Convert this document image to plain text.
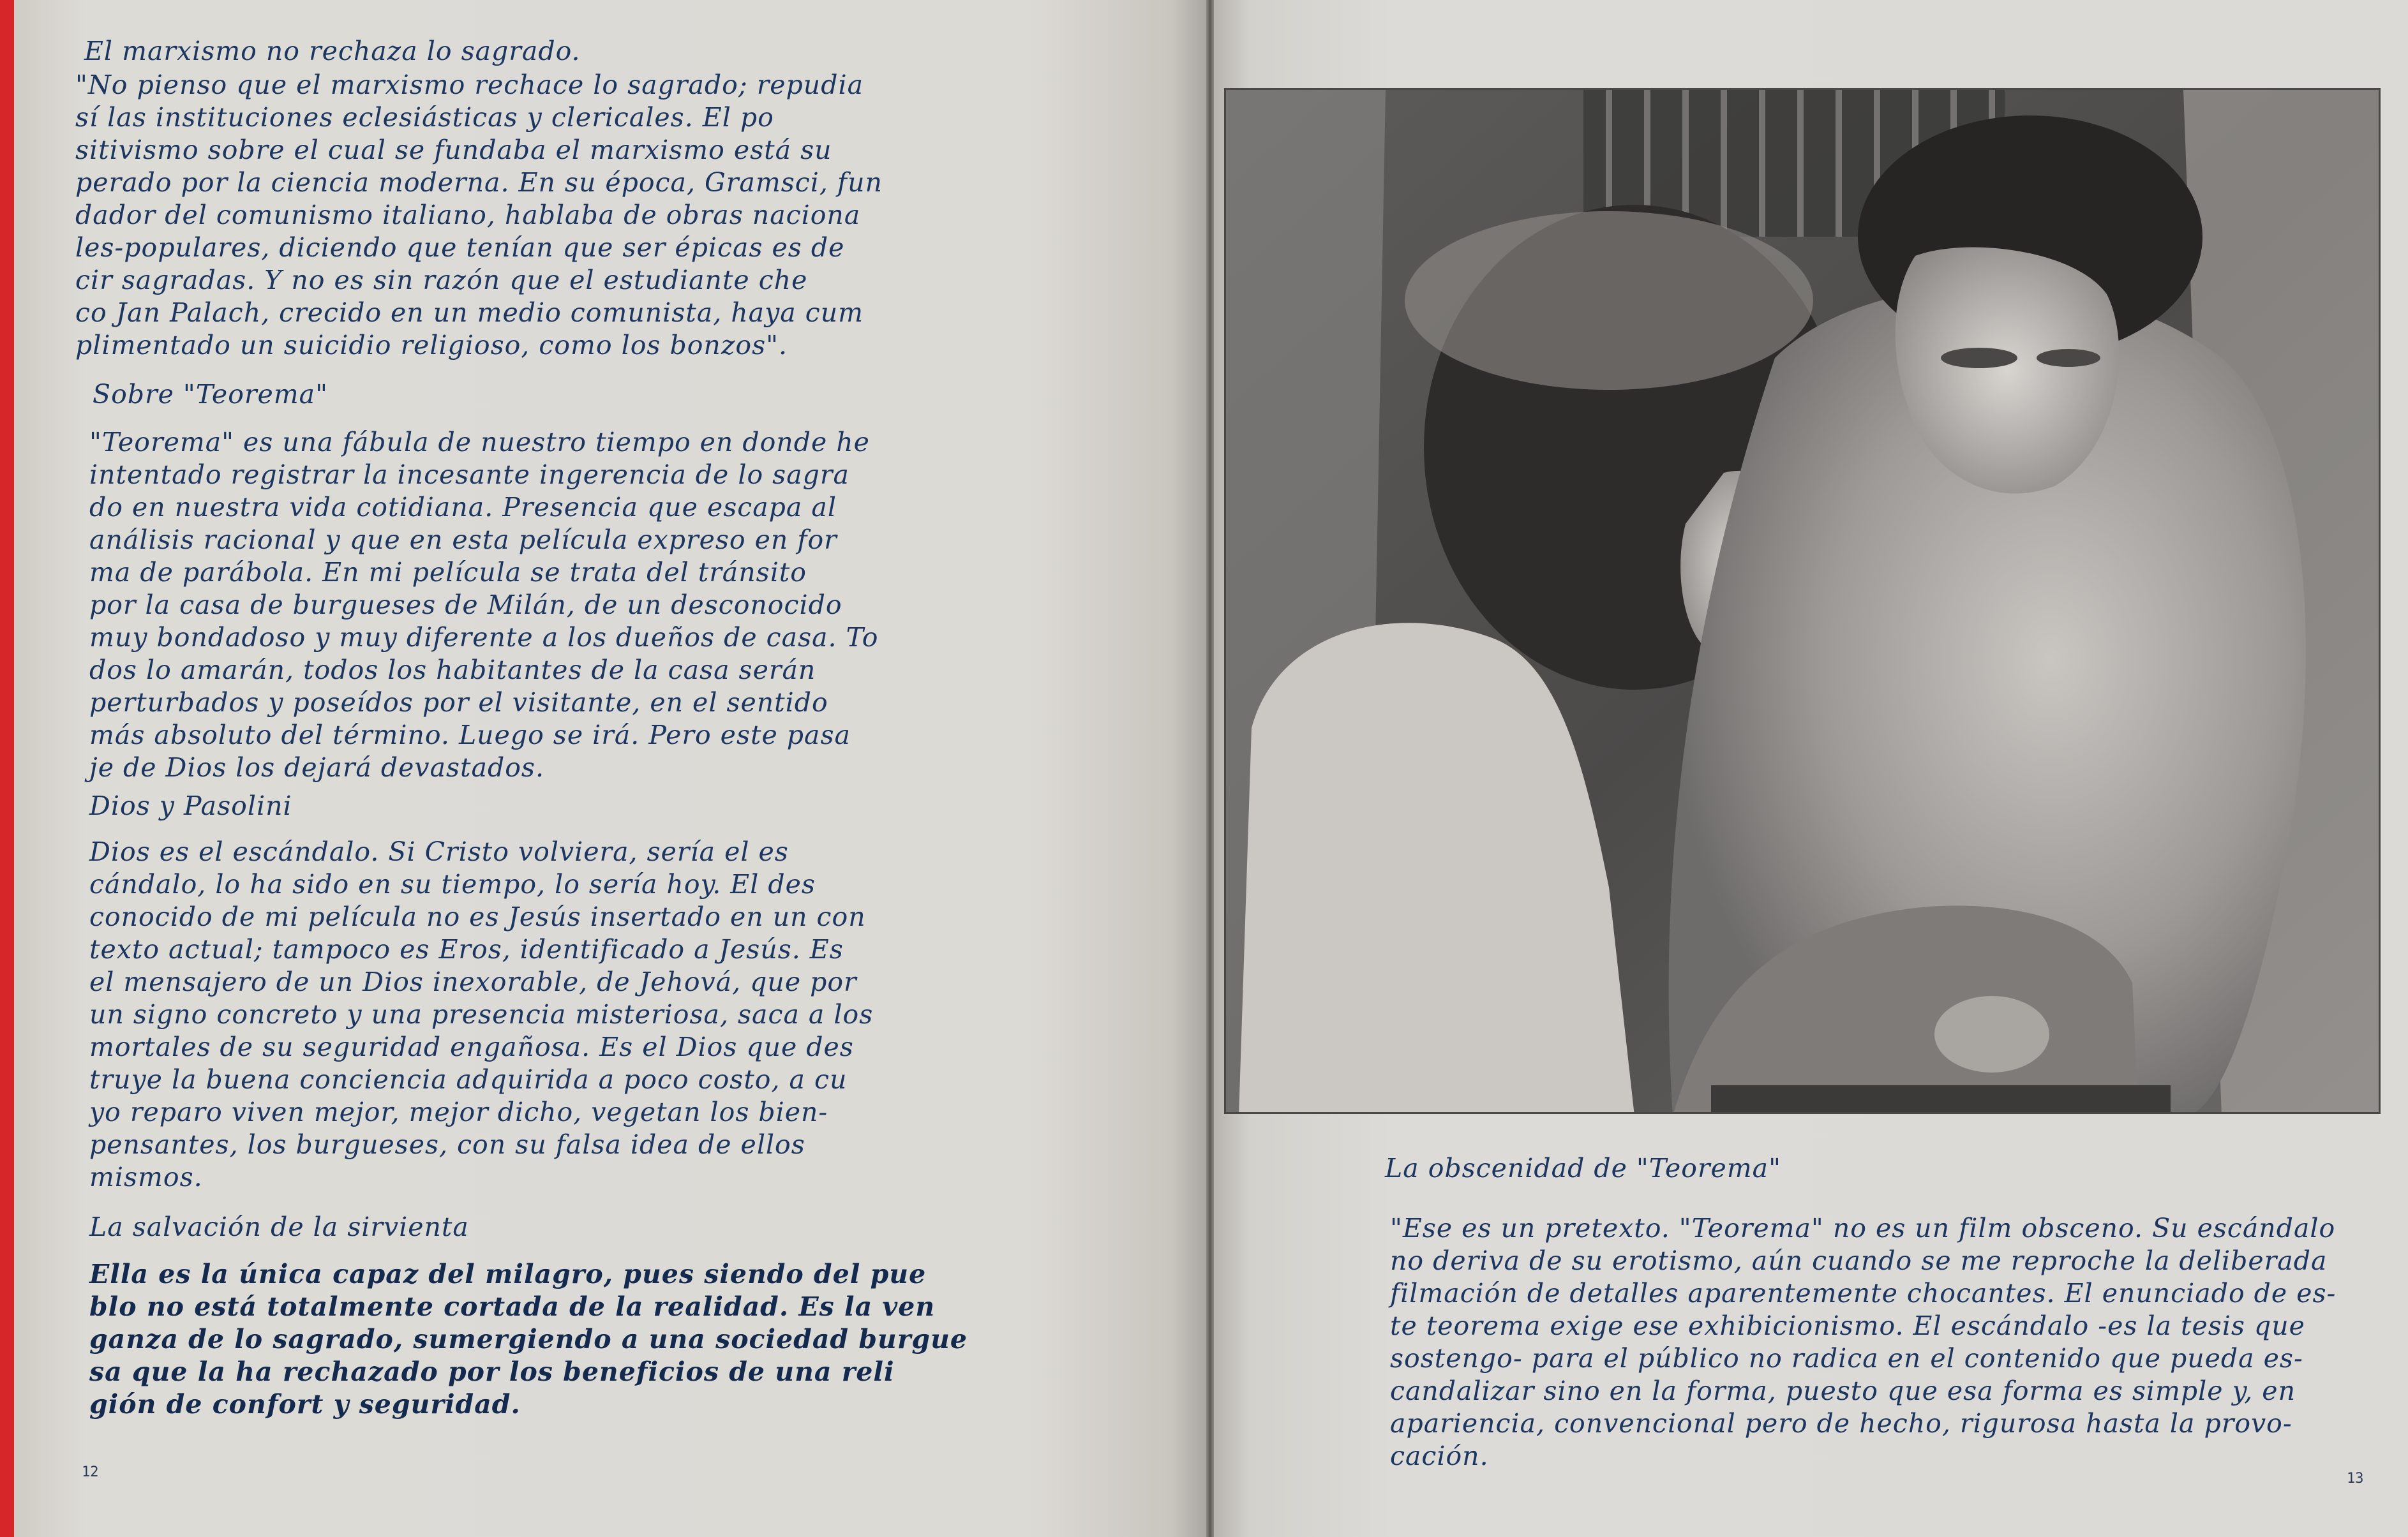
El marxismo no rechaza lo sagrado.

"No pienso que el marxismo rechace lo sagrado; repudia

sí las instituciones eclesiásticas y clericales. El po

sitivismo sobre el cual se fundaba el marxismo está su

perado por la ciencia moderna. En su época, Gramsci, fun

dador del comunismo italiano, hablaba de obras naciona

les-populares, diciendo que tenían que ser épicas es de

cir sagradas. Y no es sin razón que el estudiante che

co Jan Palach, crecido en un medio comunista, haya cum

plimentado un suicidio religioso, como los bonzos".

Sobre "Teorema"

"Teorema" es una fábula de nuestro tiempo en donde he

intentado registrar la incesante ingerencia de lo sagra

do en nuestra vida cotidiana. Presencia que escapa al

análisis racional y que en esta película expreso en for

ma de parábola. En mi película se trata del tránsito

por la casa de burgueses de Milán, de un desconocido

muy bondadoso y muy diferente a los dueños de casa. To

dos lo amarán, todos los habitantes de la casa serán

perturbados y poseídos por el visitante, en el sentido

más absoluto del término. Luego se irá. Pero este pasa

je de Dios los dejará devastados.

Dios y Pasolini

Dios es el escándalo. Si Cristo volviera, sería el es

cándalo, lo ha sido en su tiempo, lo sería hoy. El des

conocido de mi película no es Jesús insertado en un con

texto actual; tampoco es Eros, identificado a Jesús. Es

el mensajero de un Dios inexorable, de Jehová, que por

un signo concreto y una presencia misteriosa, saca a los

mortales de su seguridad engañosa. Es el Dios que des

truye la buena conciencia adquirida a poco costo, a cu

yo reparo viven mejor, mejor dicho, vegetan los bien-

pensantes, los burgueses, con su falsa idea de ellos

mismos.

La salvación de la sirvienta

Ella es la única capaz del milagro, pues siendo del pue

blo no está totalmente cortada de la realidad. Es la ven

ganza de lo sagrado, sumergiendo a una sociedad burgue

sa que la ha rechazado por los beneficios de una reli

gión de confort y seguridad.

12
La obscenidad de "Teorema"

"Ese es un pretexto. "Teorema" no es un film obsceno. Su escándalo

no deriva de su erotismo, aún cuando se me reproche la deliberada

filmación de detalles aparentemente chocantes. El enunciado de es-

te teorema exige ese exhibicionismo. El escándalo -es la tesis que

sostengo- para el público no radica en el contenido que pueda es-

candalizar sino en la forma, puesto que esa forma es simple y, en

apariencia, convencional pero de hecho, rigurosa hasta la provo-

cación.

13
